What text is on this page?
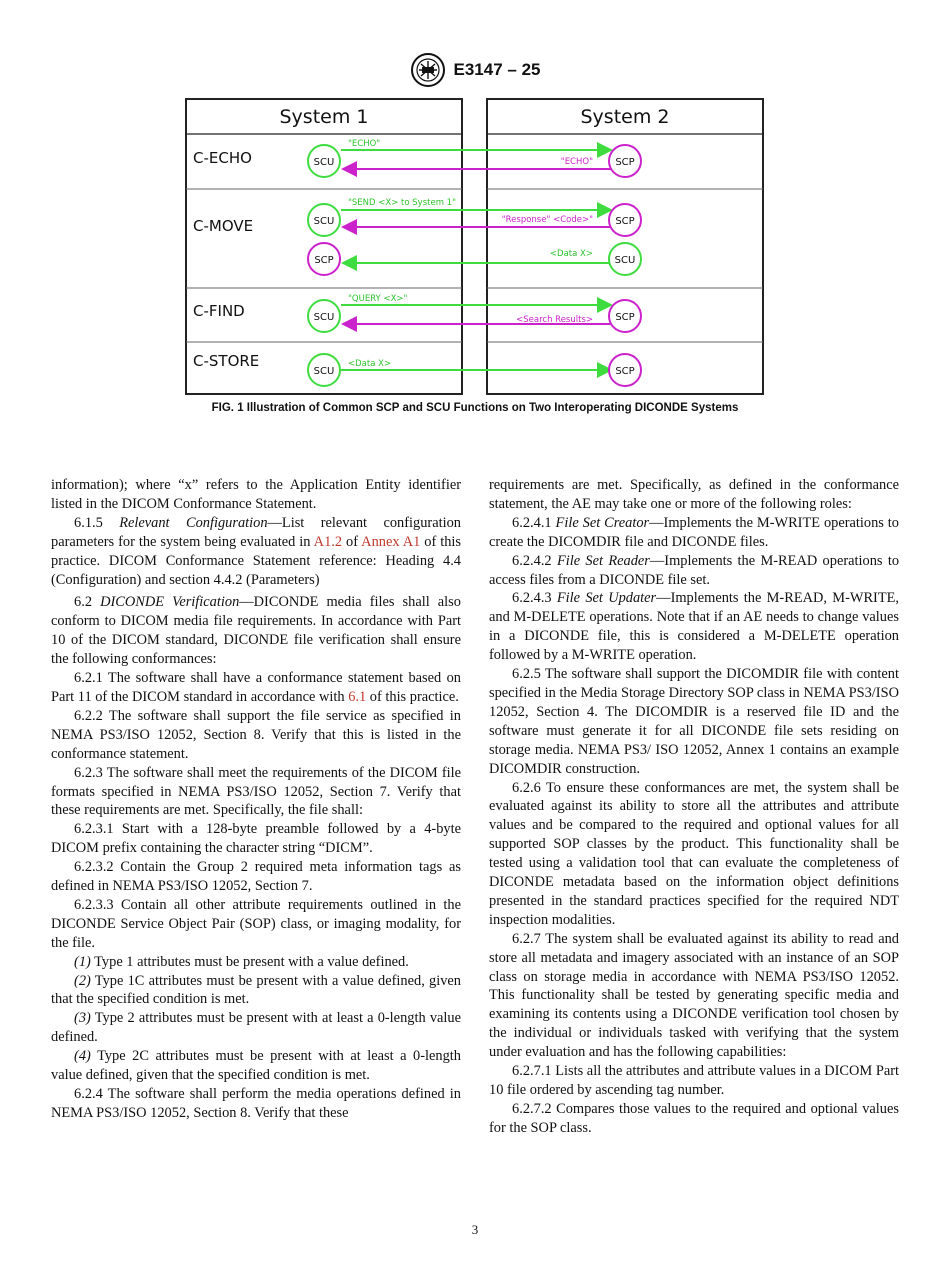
E3147 – 25
System 1	System 2
C-ECHO
C-MOVE
C-FIND
C-STORE
"ECHO"
"ECHO"
SCU	SCP
"SEND <X> to System 1"
"Response" <Code>"
<Data X>
SCU	SCP
SCP	SCU
"QUERY <X>"
<Search Results>
SCU	SCP
<Data X>
SCU	SCP
FIG. 1 Illustration of Common SCP and SCU Functions on Two Interoperating DICONDE Systems

information); where “x” refers to the Application Entity identifier listed in the DICOM Conformance Statement.

6.1.5 Relevant Configuration—List relevant configuration parameters for the system being evaluated in A1.2 of Annex A1 of this practice. DICOM Conformance Statement reference: Heading 4.4 (Configuration) and section 4.4.2 (Parameters)

6.2 DICONDE Verification—DICONDE media files shall also conform to DICOM media file requirements. In accordance with Part 10 of the DICOM standard, DICONDE file verification shall ensure the following conformances:

6.2.1 The software shall have a conformance statement based on Part 11 of the DICOM standard in accordance with 6.1 of this practice.

6.2.2 The software shall support the file service as specified in NEMA PS3/ISO 12052, Section 8. Verify that this is listed in the conformance statement.

6.2.3 The software shall meet the requirements of the DICOM file formats specified in NEMA PS3/ISO 12052, Section 7. Verify that these requirements are met. Specifically, the file shall:

6.2.3.1 Start with a 128-byte preamble followed by a 4-byte DICOM prefix containing the character string “DICM”.

6.2.3.2 Contain the Group 2 required meta information tags as defined in NEMA PS3/ISO 12052, Section 7.

6.2.3.3 Contain all other attribute requirements outlined in the DICONDE Service Object Pair (SOP) class, or imaging modality, for the file.

(1) Type 1 attributes must be present with a value defined.

(2) Type 1C attributes must be present with a value defined, given that the specified condition is met.

(3) Type 2 attributes must be present with at least a 0-length value defined.

(4) Type 2C attributes must be present with at least a 0-length value defined, given that the specified condition is met.

6.2.4 The software shall perform the media operations defined in NEMA PS3/ISO 12052, Section 8. Verify that these

requirements are met. Specifically, as defined in the conformance statement, the AE may take one or more of the following roles:

6.2.4.1 File Set Creator—Implements the M-WRITE operations to create the DICOMDIR file and DICONDE files.

6.2.4.2 File Set Reader—Implements the M-READ operations to access files from a DICONDE file set.

6.2.4.3 File Set Updater—Implements the M-READ, M-WRITE, and M-DELETE operations. Note that if an AE needs to change values in a DICONDE file, this is considered a M-DELETE operation followed by a M-WRITE operation.

6.2.5 The software shall support the DICOMDIR file with content specified in the Media Storage Directory SOP class in NEMA PS3/ISO 12052, Section 4. The DICOMDIR is a reserved file ID and the software must generate it for all DICONDE file sets residing on storage media. NEMA PS3/ ISO 12052, Annex 1 contains an example DICOMDIR construction.

6.2.6 To ensure these conformances are met, the system shall be evaluated against its ability to store all the attributes and attribute values and be compared to the required and optional values for all supported SOP classes by the product. This functionality shall be tested using a validation tool that can evaluate the completeness of DICONDE metadata based on the information object definitions presented in the standard practices specified for the required NDT inspection modalities.

6.2.7 The system shall be evaluated against its ability to read and store all metadata and imagery associated with an instance of an SOP class on storage media in accordance with NEMA PS3/ISO 12052. This functionality shall be tested by generating specific media and examining its contents using a DICONDE verification tool chosen by the individual or individuals tasked with verifying that the system under evaluation and has the following capabilities:

6.2.7.1 Lists all the attributes and attribute values in a DICOM Part 10 file ordered by ascending tag number.

6.2.7.2 Compares those values to the required and optional values for the SOP class.

3
